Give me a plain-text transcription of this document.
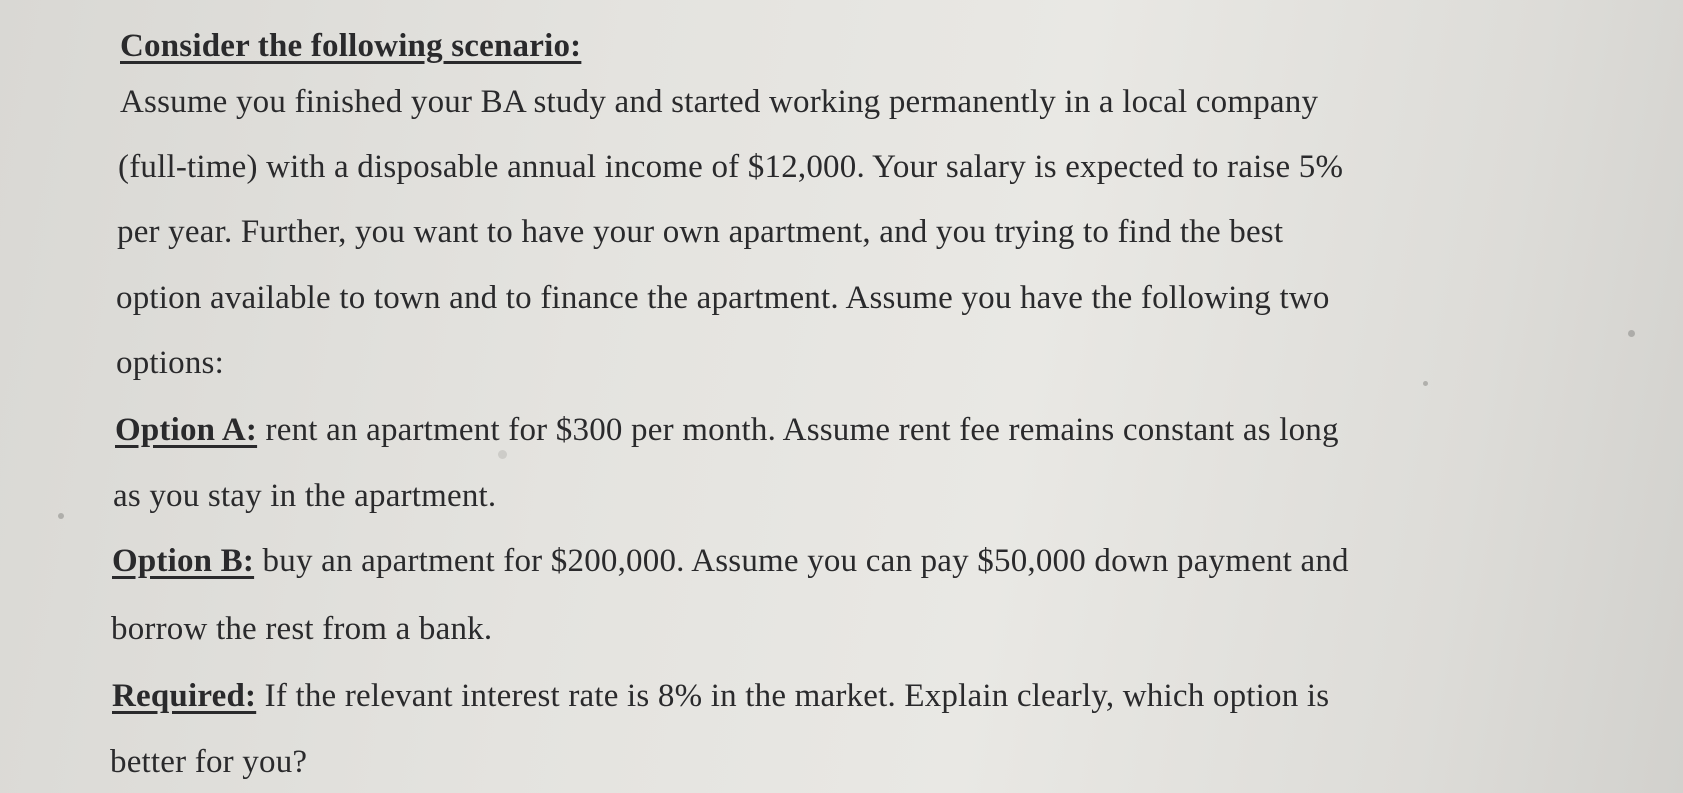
Consider the following scenario:
Assume you finished your BA study and started working permanently in a local company
(full-time) with a disposable annual income of $12,000. Your salary is expected to raise 5%
per year. Further, you want to have your own apartment, and you trying to find the best
option available to town and to finance the apartment. Assume you have the following two
options:
Option A: rent an apartment for $300 per month. Assume rent fee remains constant as long
as you stay in the apartment.
Option B: buy an apartment for $200,000. Assume you can pay $50,000 down payment and
borrow the rest from a bank.
Required: If the relevant interest rate is 8% in the market. Explain clearly, which option is
better for you?
